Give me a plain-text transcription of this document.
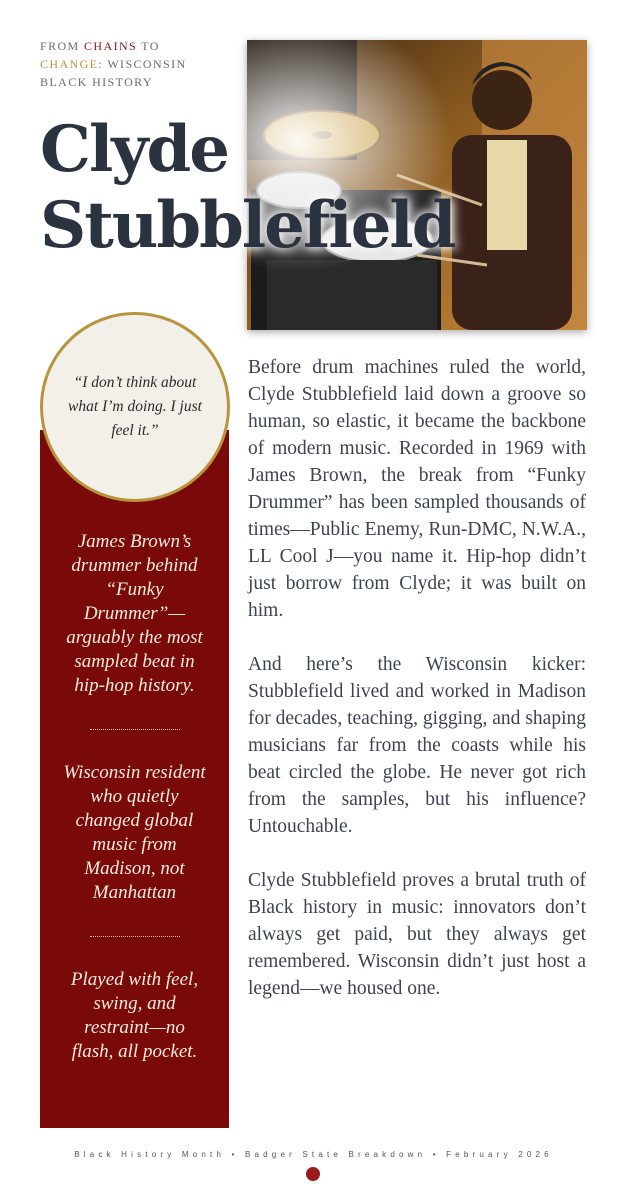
FROM CHAINS TO
CHANGE: WISCONSIN BLACK HISTORY
Clyde
Stubblefield
James Brown’s drummer behind “Funky Drummer”—arguably the most sampled beat in hip-hop history.
Wisconsin resident who quietly changed global music from Madison, not Manhattan
Played with feel, swing, and restraint—no flash, all pocket.
“I don’t think about what I’m doing. I just feel it.”

Before drum machines ruled the world, Clyde Stubblefield laid down a groove so human, so elastic, it became the backbone of modern music. Recorded in 1969 with James Brown, the break from “Funky Drummer” has been sampled thousands of times—Public Enemy, Run-DMC, N.W.A., LL Cool J—you name it. Hip-hop didn’t just borrow from Clyde; it was built on him.

And here’s the Wisconsin kicker: Stubblefield lived and worked in Madison for decades, teaching, gigging, and shaping musicians far from the coasts while his beat circled the globe. He never got rich from the samples, but his influence? Untouchable.

Clyde Stubblefield proves a brutal truth of Black history in music: innovators don’t always get paid, but they always get remembered. Wisconsin didn’t just host a legend—we housed one.

Black History Month • Badger State Breakdown • February 2026
